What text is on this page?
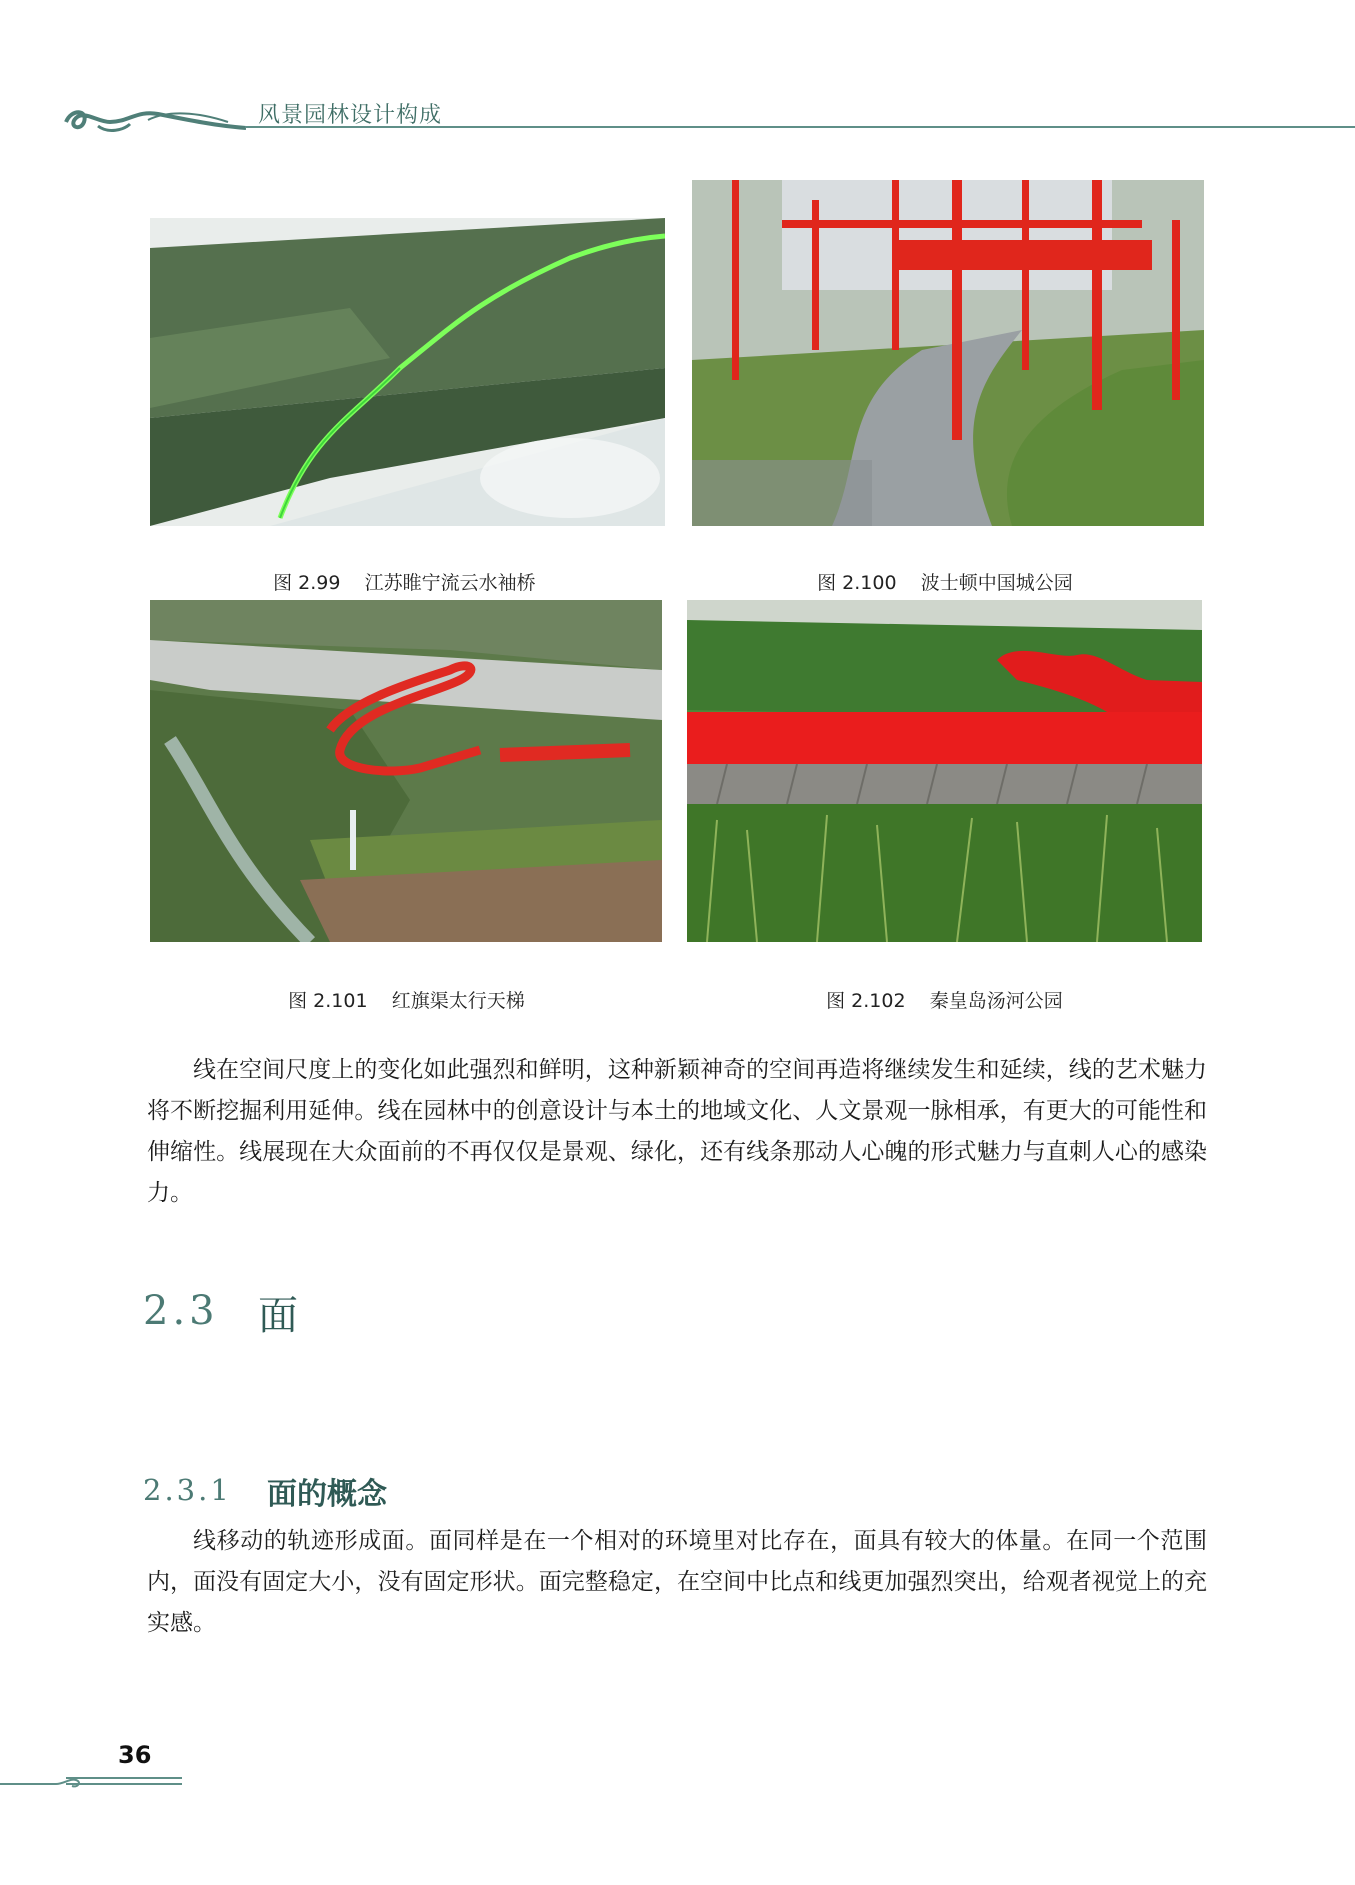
风景园林设计构成

图 2.99 江苏睢宁流云水袖桥	图 2.100 波士顿中国城公园

图 2.101 红旗渠太行天梯	图 2.102 秦皇岛汤河公园

线在空间尺度上的变化如此强烈和鲜明，这种新颖神奇的空间再造将继续发生和延续，线的艺术魅力将不断挖掘利用延伸。线在园林中的创意设计与本土的地域文化、人文景观一脉相承，有更大的可能性和伸缩性。线展现在大众面前的不再仅仅是景观、绿化，还有线条那动人心魄的形式魅力与直刺人心的感染力。
2.3 面
2.3.1 面的概念
线移动的轨迹形成面。面同样是在一个相对的环境里对比存在，面具有较大的体量。在同一个范围内，面没有固定大小，没有固定形状。面完整稳定，在空间中比点和线更加强烈突出，给观者视觉上的充实感。
36
